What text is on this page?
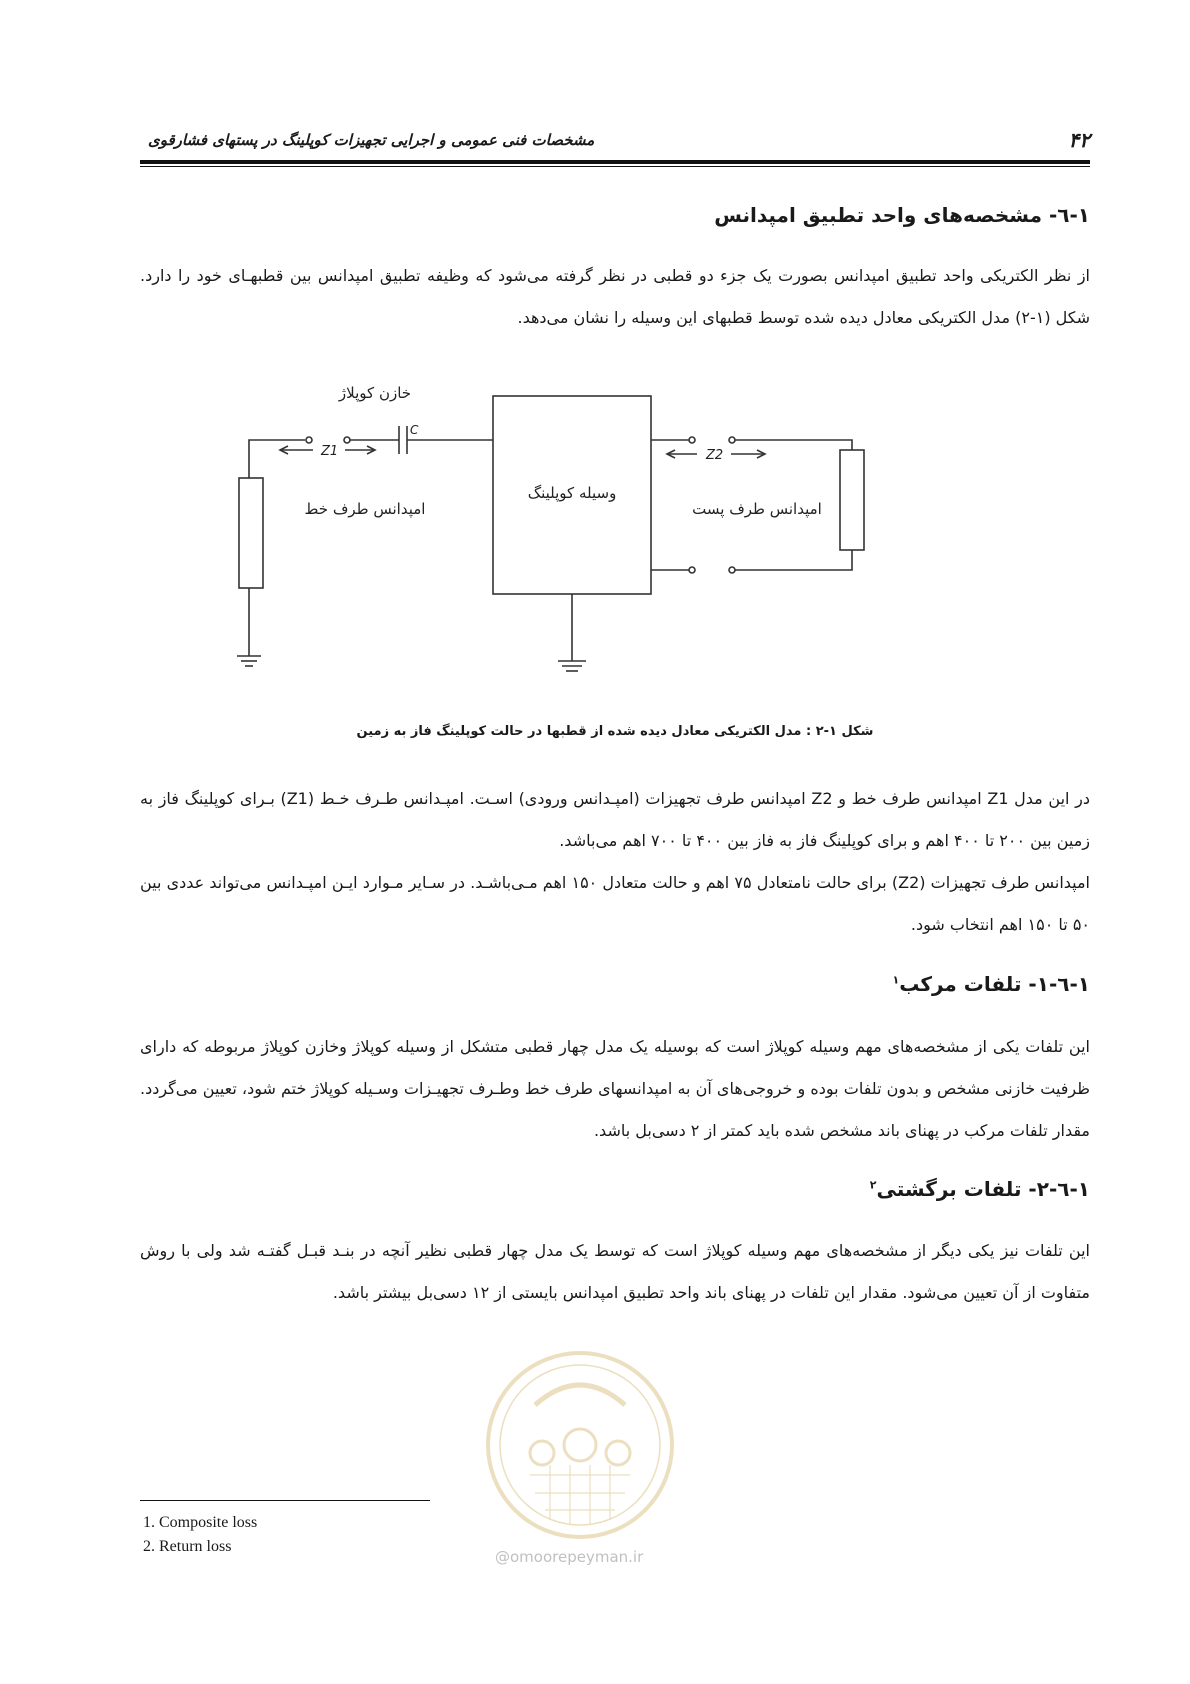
۴۲
مشخصات فنی عمومی و اجرایی تجهیزات کوپلینگ در پستهای فشارقوی
۱-٦- مشخصه‌های واحد تطبیق امپدانس
از نظر الکتریکی واحد تطبیق امپدانس بصورت یک جزء دو قطبی در نظر گرفته می‌شود که وظیفه تطبیق امپدانس بین قطبهـای خود را دارد. شکل (۱-۲) مدل الکتریکی معادل دیده شده توسط قطبهای این وسیله را نشان می‌دهد.
خازن کوپلاژ
C
Z1	Z2
امپدانس طرف خط
وسیله کوپلینگ
امپدانس طرف پست
شکل ۱-۲ : مدل الکتریکی معادل دیده شده از قطبها در حالت کوپلینگ فاز به زمین
در این مدل Z1 امپدانس طرف خط و Z2 امپدانس طرف تجهیزات (امپـدانس ورودی) اسـت. امپـدانس طـرف خـط (Z1) بـرای کوپلینگ فاز به زمین بین ۲۰۰ تا ۴۰۰ اهم و برای کوپلینگ فاز به فاز بین ۴۰۰ تا ۷۰۰ اهم می‌باشد.
امپدانس طرف تجهیزات (Z2) برای حالت نامتعادل ۷۵ اهم و حالت متعادل ۱۵۰ اهم مـی‌باشـد. در سـایر مـوارد ایـن امپـدانس می‌تواند عددی بین ۵۰ تا ۱۵۰ اهم انتخاب شود.
۱-٦-۱- تلفات مرکب$^۱$
این تلفات یکی از مشخصه‌های مهم وسیله کوپلاژ است که بوسیله یک مدل چهار قطبی متشکل از وسیله کوپلاژ وخازن کوپلاژ مربوطه که دارای ظرفیت خازنی مشخص و بدون تلفات بوده و خروجی‌های آن به امپدانسهای طرف خط وطـرف تجهیـزات وسـیله کوپلاژ ختم شود، تعیین می‌گردد. مقدار تلفات مرکب در پهنای باند مشخص شده باید کمتر از ۲ دسی‌بل باشد.
۱-٦-۲- تلفات برگشتی$^۲$
این تلفات نیز یکی دیگر از مشخصه‌های مهم وسیله کوپلاژ است که توسط یک مدل چهار قطبی نظیر آنچه در بنـد قبـل گفتـه شد ولی با روش متفاوت از آن تعیین می‌شود. مقدار این تلفات در پهنای باند واحد تطبیق امپدانس بایستی از ۱۲ دسی‌بل بیشتر باشد.
@omoorepeyman.ir
1. Composite loss
2. Return loss
